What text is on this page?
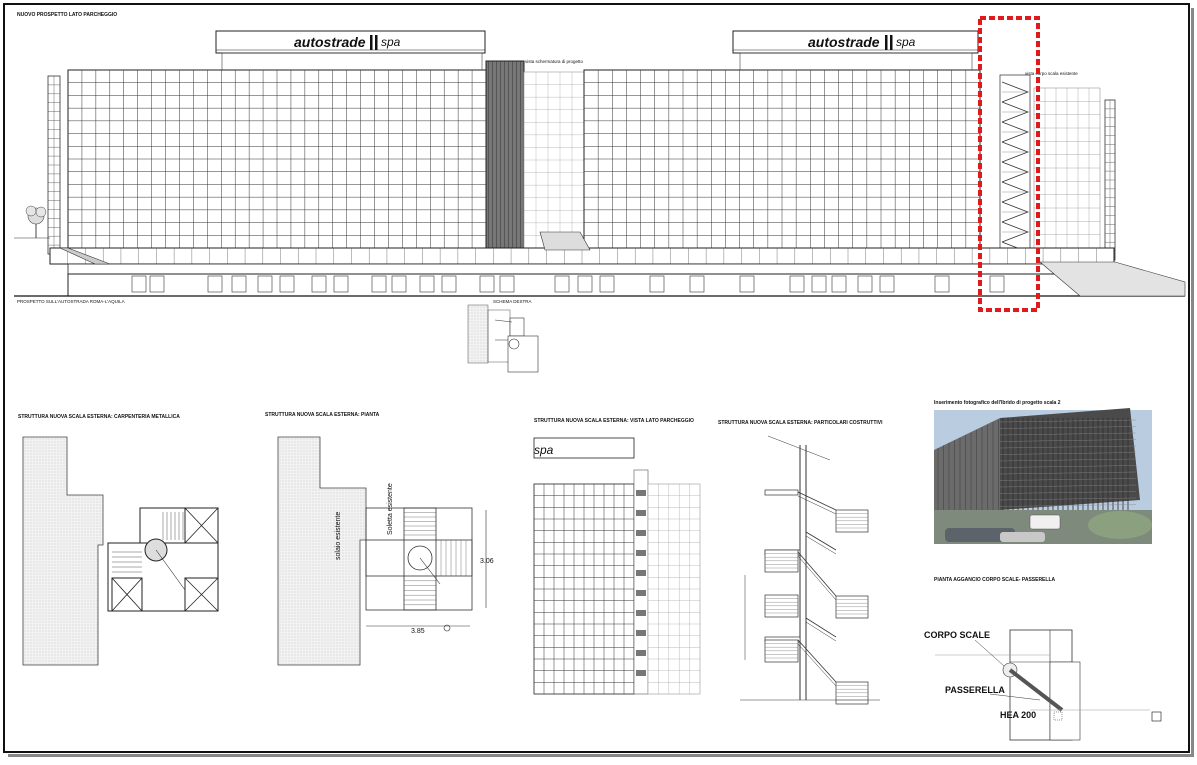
NUOVO PROSPETTO LATO PARCHEGGIO
autostrade spa	autostrade spa
vista schermatura di progetto
vista corpo scala esistente
PROSPETTO SULL'AUTOSTRADA ROMA-L'AQUILA	SCHEMA DESTRA
STRUTTURA NUOVA SCALA ESTERNA: CARPENTERIA METALLICA	STRUTTURA NUOVA SCALA ESTERNA: PIANTA
Soletta esistente
solaio esistente
3.06
3.85
STRUTTURA NUOVA SCALA ESTERNA: VISTA LATO PARCHEGGIO
spa
STRUTTURA NUOVA SCALA ESTERNA: PARTICOLARI COSTRUTTIVI
Inserimento fotografico dell'Ibrido di progetto scala 2
PIANTA AGGANCIO CORPO SCALE- PASSERELLA
CORPO SCALE
PASSERELLA
HEA 200
